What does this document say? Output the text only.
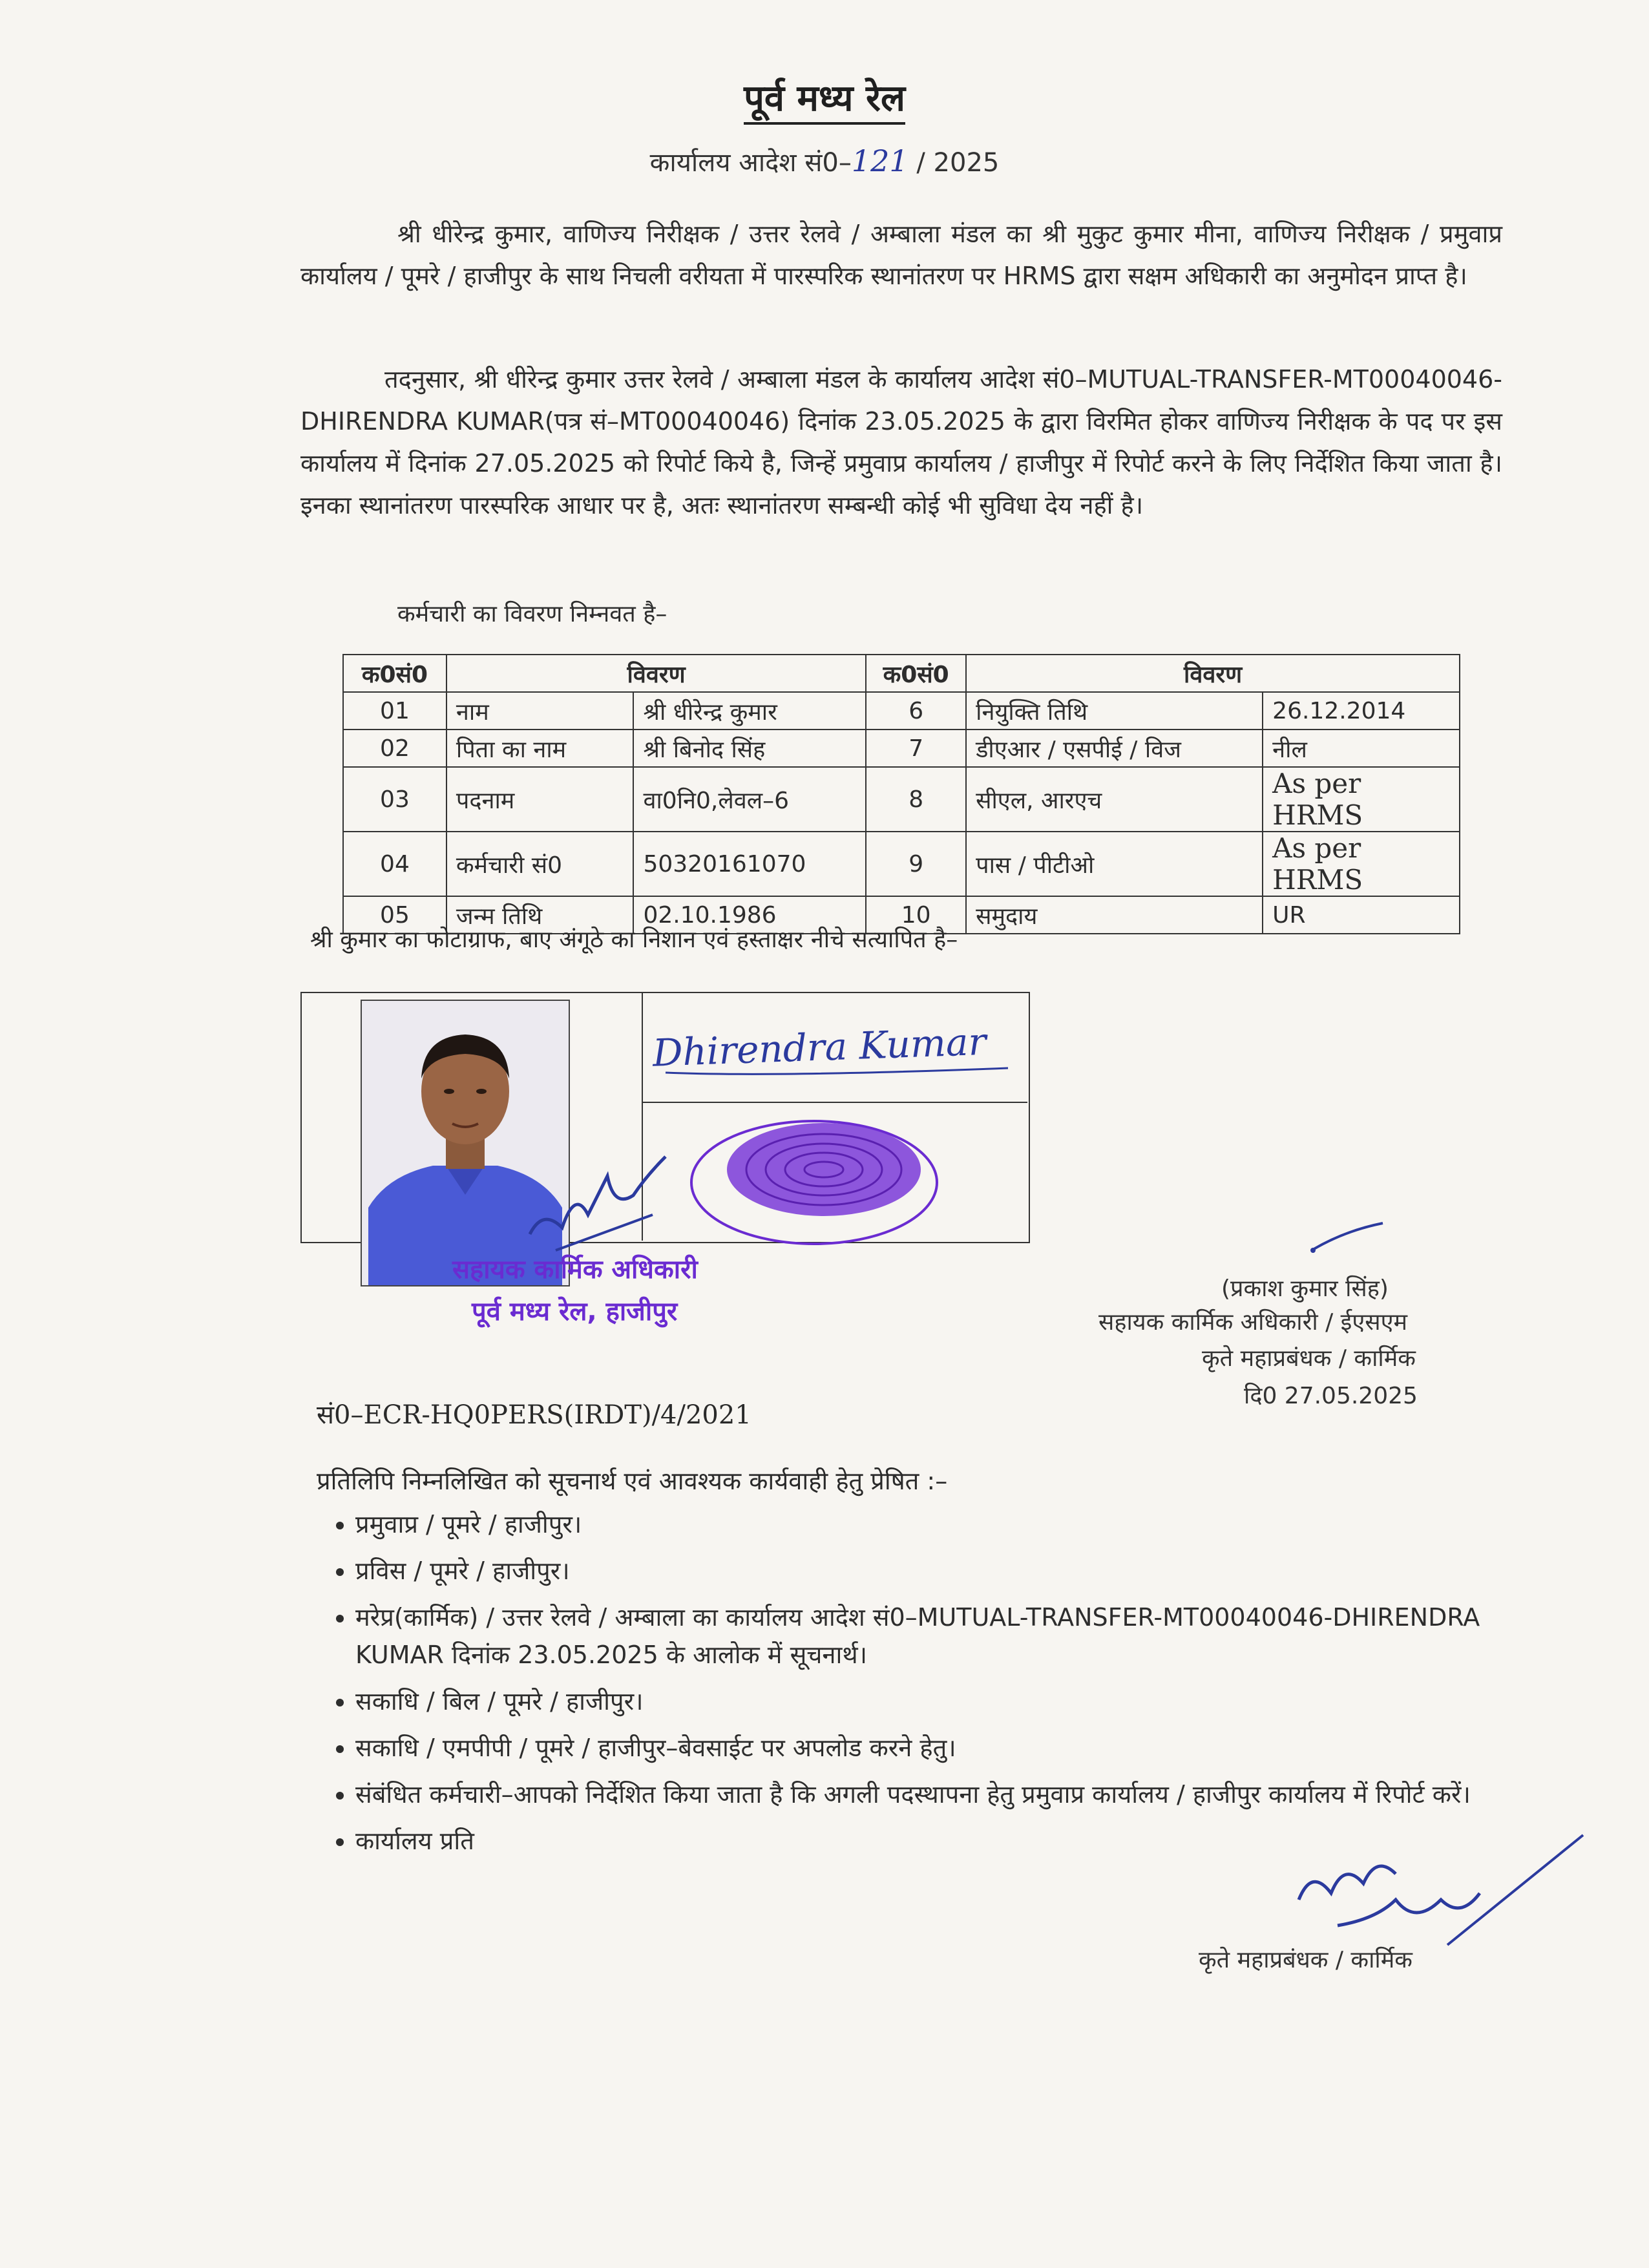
पूर्व मध्य रेल
कार्यालय आदेश सं0–121 / 2025
श्री धीरेन्द्र कुमार, वाणिज्य निरीक्षक / उत्तर रेलवे / अम्बाला मंडल का श्री मुकुट कुमार मीना, वाणिज्य निरीक्षक / प्रमुवाप्र कार्यालय / पूमरे / हाजीपुर के साथ निचली वरीयता में पारस्परिक स्थानांतरण पर HRMS द्वारा सक्षम अधिकारी का अनुमोदन प्राप्त है।
तदनुसार, श्री धीरेन्द्र कुमार उत्तर रेलवे / अम्बाला मंडल के कार्यालय आदेश सं0–MUTUAL-TRANSFER-MT00040046-DHIRENDRA KUMAR(पत्र सं–MT00040046) दिनांक 23.05.2025 के द्वारा विरमित होकर वाणिज्य निरीक्षक के पद पर इस कार्यालय में दिनांक 27.05.2025 को रिपोर्ट किये है, जिन्हें प्रमुवाप्र कार्यालय / हाजीपुर में रिपोर्ट करने के लिए निर्देशित किया जाता है। इनका स्थानांतरण पारस्परिक आधार पर है, अतः स्थानांतरण सम्बन्धी कोई भी सुविधा देय नहीं है।
कर्मचारी का विवरण निम्नवत है–
क0सं0	विवरण		क0सं0	विवरण	
01	नाम	श्री धीरेन्द्र कुमार	6	नियुक्ति तिथि	26.12.2014
02	पिता का नाम	श्री बिनोद सिंह	7	डीएआर / एसपीई / विज	नील
03	पदनाम	वा0नि0,लेवल–6	8	सीएल, आरएच	As per HRMS
04	कर्मचारी सं0	50320161070	9	पास / पीटीओ	As per HRMS
05	जन्म तिथि	02.10.1986	10	समुदाय	UR
श्री कुमार का फोटाग्राफ, बाए अंगूठे का निशान एवं हस्ताक्षर नीचे सत्यापित है–
Dhirendra Kumar
सहायक कार्मिक अधिकारी
पूर्व मध्य रेल, हाजीपुर
(प्रकाश कुमार सिंह)
सहायक कार्मिक अधिकारी / ईएसएम
कृते महाप्रबंधक / कार्मिक
दि0 27.05.2025
सं0–ECR-HQ0PERS(IRDT)/4/2021
प्रतिलिपि निम्नलिखित को सूचनार्थ एवं आवश्यक कार्यवाही हेतु प्रेषित :–
• प्रमुवाप्र / पूमरे / हाजीपुर।
• प्रविस / पूमरे / हाजीपुर।
• मरेप्र(कार्मिक) / उत्तर रेलवे / अम्बाला का कार्यालय आदेश सं0–MUTUAL-TRANSFER-MT00040046-DHIRENDRA KUMAR दिनांक 23.05.2025 के आलोक में सूचनार्थ।
• सकाधि / बिल / पूमरे / हाजीपुर।
• सकाधि / एमपीपी / पूमरे / हाजीपुर–बेवसाईट पर अपलोड करने हेतु।
• संबंधित कर्मचारी–आपको निर्देशित किया जाता है कि अगली पदस्थापना हेतु प्रमुवाप्र कार्यालय / हाजीपुर कार्यालय में रिपोर्ट करें।
• कार्यालय प्रति
कृते महाप्रबंधक / कार्मिक
